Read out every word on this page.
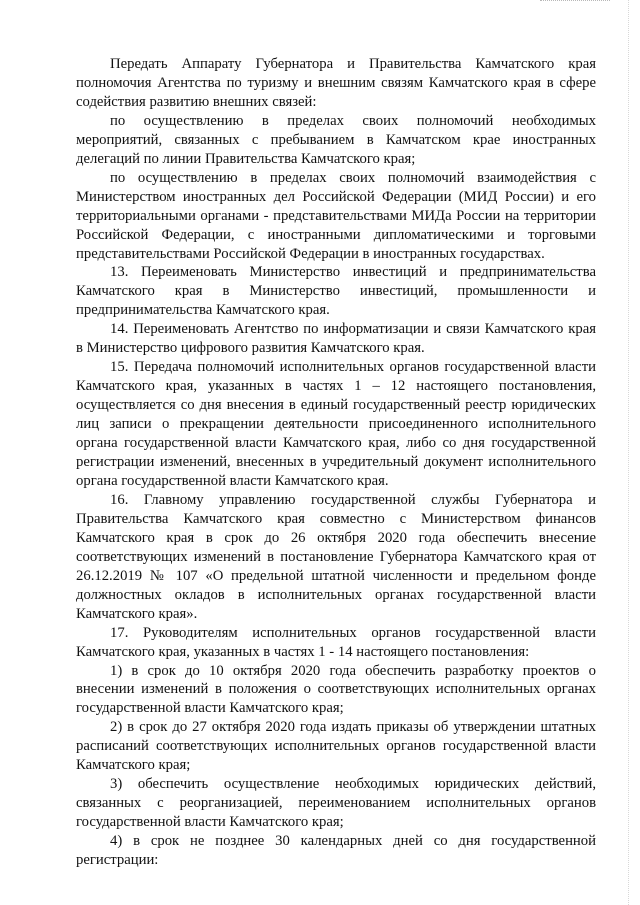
Передать Аппарату Губернатора и Правительства Камчатского края полномочия Агентства по туризму и внешним связям Камчатского края в сфере содействия развитию внешних связей:

по осуществлению в пределах своих полномочий необходимых мероприятий, связанных с пребыванием в Камчатском крае иностранных делегаций по линии Правительства Камчатского края;

по осуществлению в пределах своих полномочий взаимодействия с Министерством иностранных дел Российской Федерации (МИД России) и его территориальными органами - представительствами МИДа России на территории Российской Федерации, с иностранными дипломатическими и торговыми представительствами Российской Федерации в иностранных государствах.

13. Переименовать Министерство инвестиций и предпринимательства Камчатского края в Министерство инвестиций, промышленности и предпринимательства Камчатского края.

14. Переименовать Агентство по информатизации и связи Камчатского края в Министерство цифрового развития Камчатского края.

15. Передача полномочий исполнительных органов государственной власти Камчатского края, указанных в частях 1 – 12 настоящего постановления, осуществляется со дня внесения в единый государственный реестр юридических лиц записи о прекращении деятельности присоединенного исполнительного органа государственной власти Камчатского края, либо со дня государственной регистрации изменений, внесенных в учредительный документ исполнительного органа государственной власти Камчатского края.

16. Главному управлению государственной службы Губернатора и Правительства Камчатского края совместно с Министерством финансов Камчатского края в срок до 26 октября 2020 года обеспечить внесение соответствующих изменений в постановление Губернатора Камчатского края от 26.12.2019 № 107 «О предельной штатной численности и предельном фонде должностных окладов в исполнительных органах государственной власти Камчатского края».

17. Руководителям исполнительных органов государственной власти Камчатского края, указанных в частях 1 - 14 настоящего постановления:

1) в срок до 10 октября 2020 года обеспечить разработку проектов о внесении изменений в положения о соответствующих исполнительных органах государственной власти Камчатского края;

2) в срок до 27 октября 2020 года издать приказы об утверждении штатных расписаний соответствующих исполнительных органов государственной власти Камчатского края;

3) обеспечить осуществление необходимых юридических действий, связанных с реорганизацией, переименованием исполнительных органов государственной власти Камчатского края;

4) в срок не позднее 30 календарных дней со дня государственной регистрации:
